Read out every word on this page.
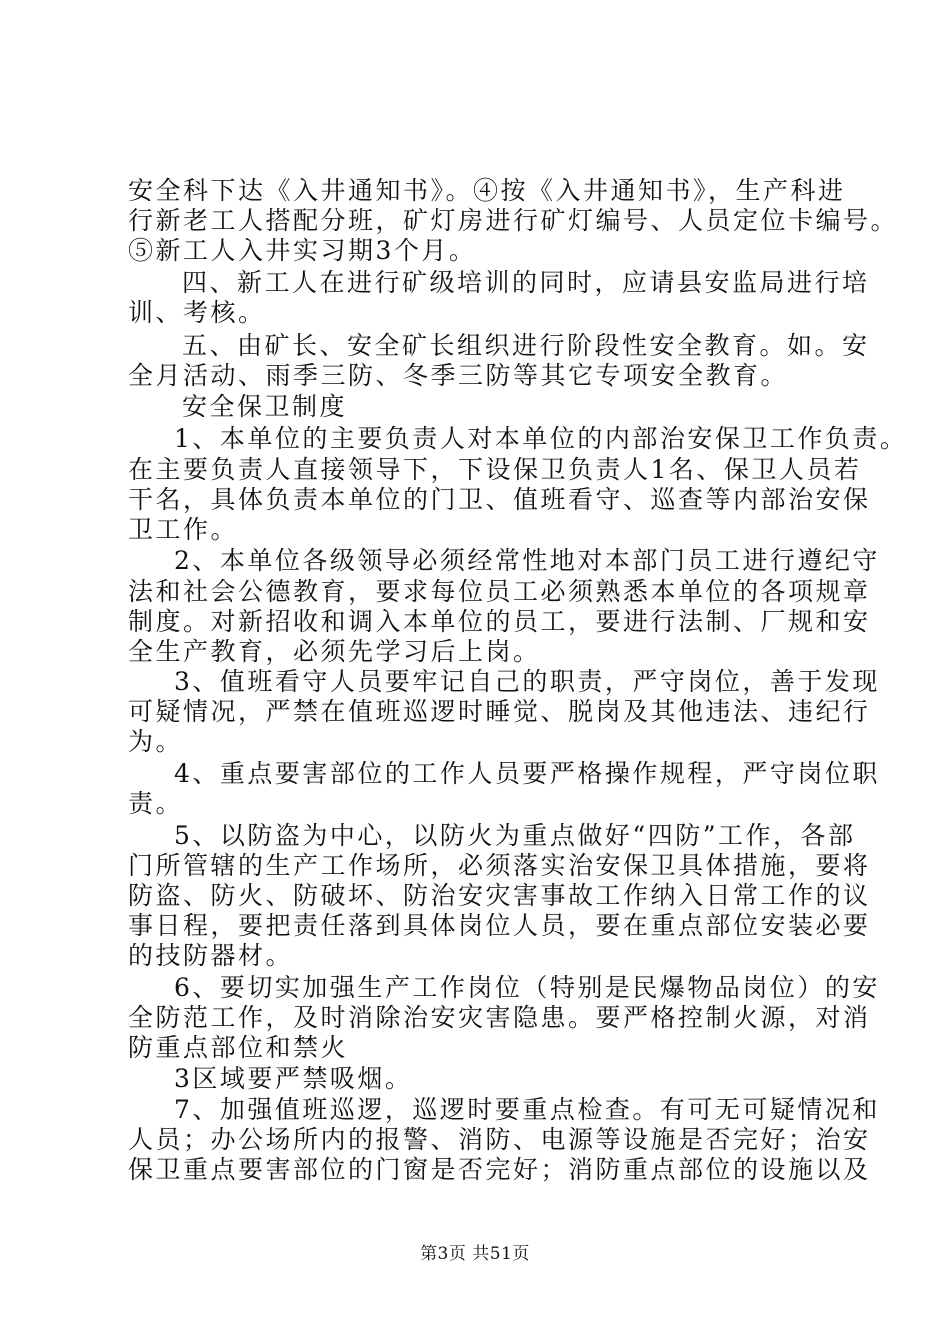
安全科下达《入井通知书》。④按《入井通知书》，生产科进
行新老工人搭配分班，矿灯房进行矿灯编号、人员定位卡编号。
⑤新工人入井实习期3个月。
四、新工人在进行矿级培训的同时，应请县安监局进行培
训、考核。
五、由矿长、安全矿长组织进行阶段性安全教育。如。安
全月活动、雨季三防、冬季三防等其它专项安全教育。
安全保卫制度
1、本单位的主要负责人对本单位的内部治安保卫工作负责。
在主要负责人直接领导下，下设保卫负责人1名、保卫人员若
干名，具体负责本单位的门卫、值班看守、巡查等内部治安保
卫工作。
2、本单位各级领导必须经常性地对本部门员工进行遵纪守
法和社会公德教育，要求每位员工必须熟悉本单位的各项规章
制度。对新招收和调入本单位的员工，要进行法制、厂规和安
全生产教育，必须先学习后上岗。
3、值班看守人员要牢记自己的职责，严守岗位，善于发现
可疑情况，严禁在值班巡逻时睡觉、脱岗及其他违法、违纪行
为。
4、重点要害部位的工作人员要严格操作规程，严守岗位职
责。
5、以防盗为中心，以防火为重点做好“四防”工作，各部
门所管辖的生产工作场所，必须落实治安保卫具体措施，要将
防盗、防火、防破坏、防治安灾害事故工作纳入日常工作的议
事日程，要把责任落到具体岗位人员，要在重点部位安装必要
的技防器材。
6、要切实加强生产工作岗位（特别是民爆物品岗位）的安
全防范工作，及时消除治安灾害隐患。要严格控制火源，对消
防重点部位和禁火
3区域要严禁吸烟。
7、加强值班巡逻，巡逻时要重点检查。有可无可疑情况和
人员；办公场所内的报警、消防、电源等设施是否完好；治安
保卫重点要害部位的门窗是否完好；消防重点部位的设施以及
第3页 共51页
